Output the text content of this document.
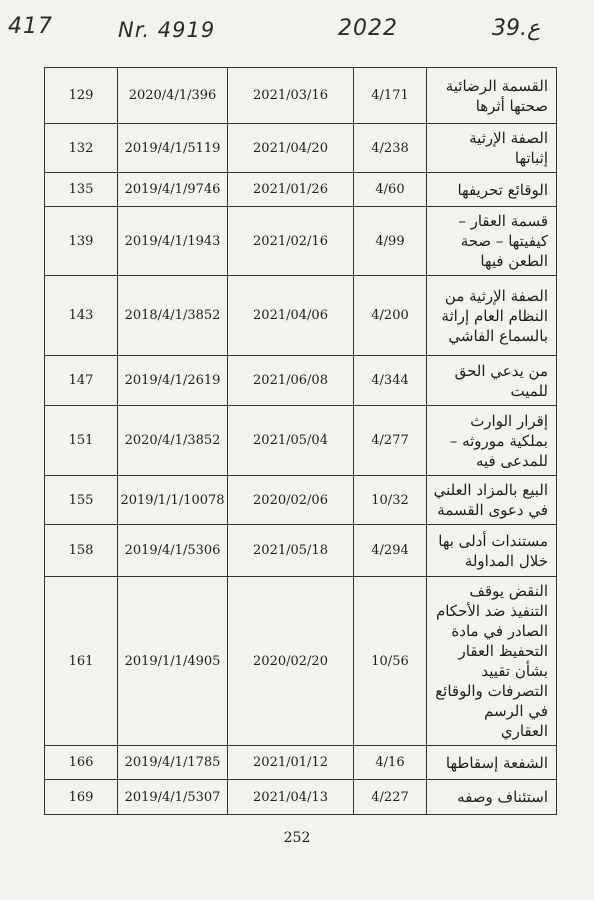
417	Nr. 4919	2022	39.ع
129	2020/4/1/396	2021/03/16	4/171	القسمة الرضائية صحتها أثرها
132	2019/4/1/5119	2021/04/20	4/238	الصفة الإرثية إثباتها
135	2019/4/1/9746	2021/01/26	4/60	الوقائع تحريفها
139	2019/4/1/1943	2021/02/16	4/99	قسمة العقار – كيفيتها – صحة الطعن فيها
143	2018/4/1/3852	2021/04/06	4/200	الصفة الإرثية من النظام العام إراثة بالسماع الفاشي
147	2019/4/1/2619	2021/06/08	4/344	من يدعي الحق للميت
151	2020/4/1/3852	2021/05/04	4/277	إقرار الوارث بملكية موروثه – للمدعى فيه
155	2019/1/1/10078	2020/02/06	10/32	البيع بالمزاد العلني في دعوى القسمة
158	2019/4/1/5306	2021/05/18	4/294	مستندات أدلى بها خلال المداولة
161	2019/1/1/4905	2020/02/20	10/56	النقض يوقف التنفيذ ضد الأحكام الصادر في مادة التحفيظ العقار بشأن تقييد التصرفات والوقائع في الرسم العقاري
166	2019/4/1/1785	2021/01/12	4/16	الشفعة إسقاطها
169	2019/4/1/5307	2021/04/13	4/227	استئناف وصفه
252
